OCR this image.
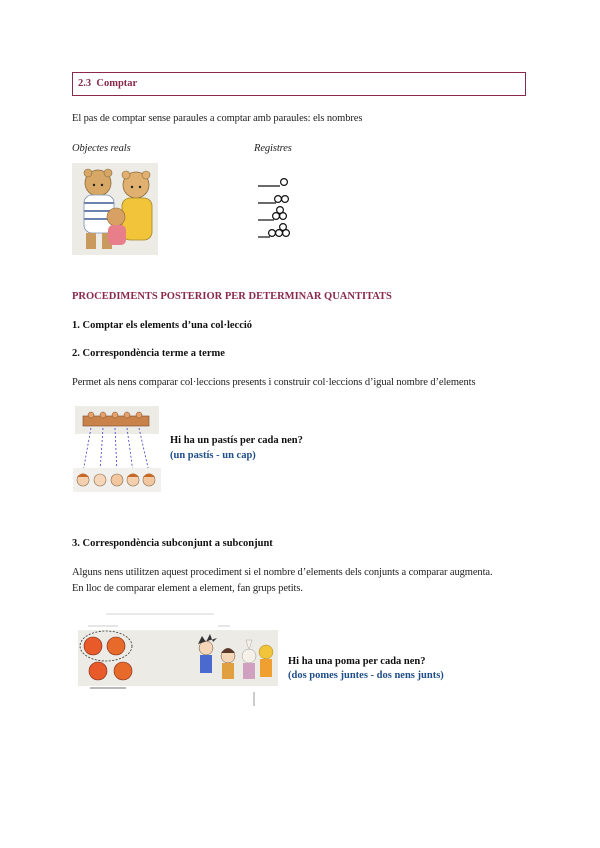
2.3 Comptar
El pas de comptar sense paraules a comptar amb paraules: els nombres
Objectes reals	Registres
PROCEDIMENTS POSTERIOR PER DETERMINAR QUANTITATS
1. Comptar els elements d’una col·lecció
2. Correspondència terme a terme
Permet als nens comparar col·leccions presents i construir col·leccions d’igual nombre d’elements
Hi ha un pastís per cada nen?
(un pastís - un cap)
3. Correspondència subconjunt a subconjunt
Alguns nens utilitzen aquest procediment si el nombre d’elements dels conjunts a comparar augmenta.
En lloc de comparar element a element, fan grups petits.
Hi ha una poma per cada nen?
(dos pomes juntes - dos nens junts)
